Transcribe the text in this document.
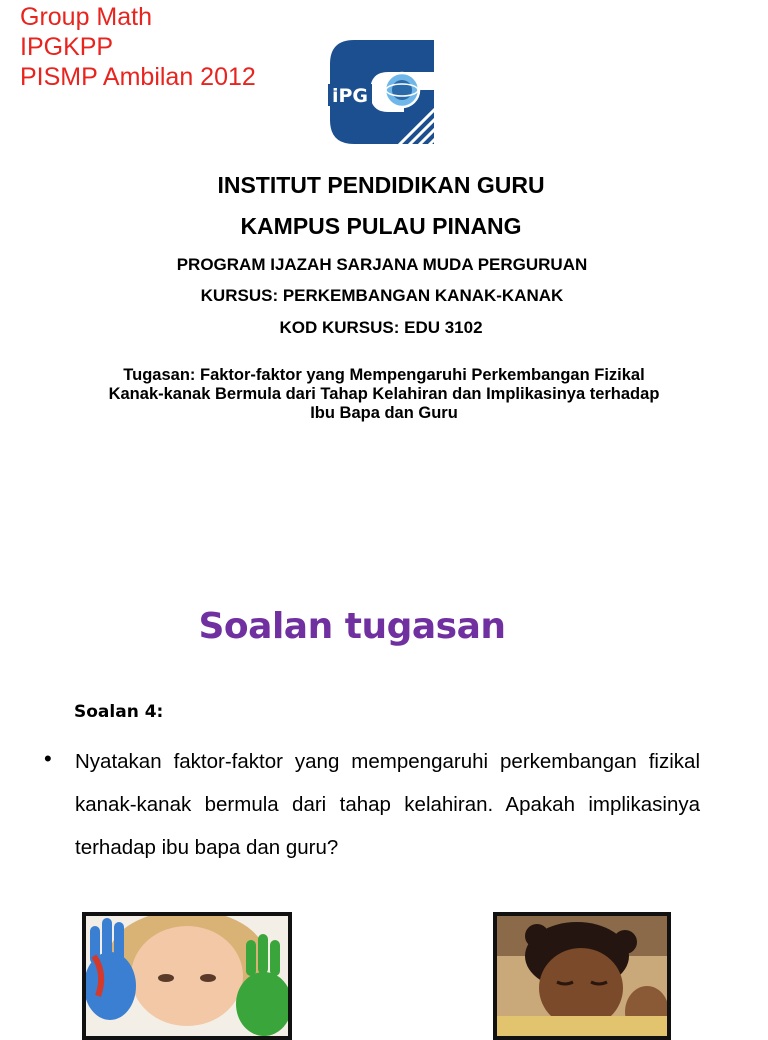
Group Math
IPGKPP
PISMP Ambilan 2012
iPG
INSTITUT PENDIDIKAN GURU
KAMPUS PULAU PINANG
PROGRAM IJAZAH SARJANA MUDA PERGURUAN
KURSUS: PERKEMBANGAN KANAK-KANAK
KOD KURSUS: EDU 3102
Tugasan: Faktor-faktor yang Mempengaruhi Perkembangan Fizikal
Kanak-kanak Bermula dari Tahap Kelahiran dan Implikasinya terhadap
Ibu Bapa dan Guru
Soalan tugasan
Soalan 4:
• Nyatakan faktor-faktor yang mempengaruhi perkembangan fizikal kanak-kanak bermula dari tahap kelahiran. Apakah implikasinya terhadap ibu bapa dan guru?
